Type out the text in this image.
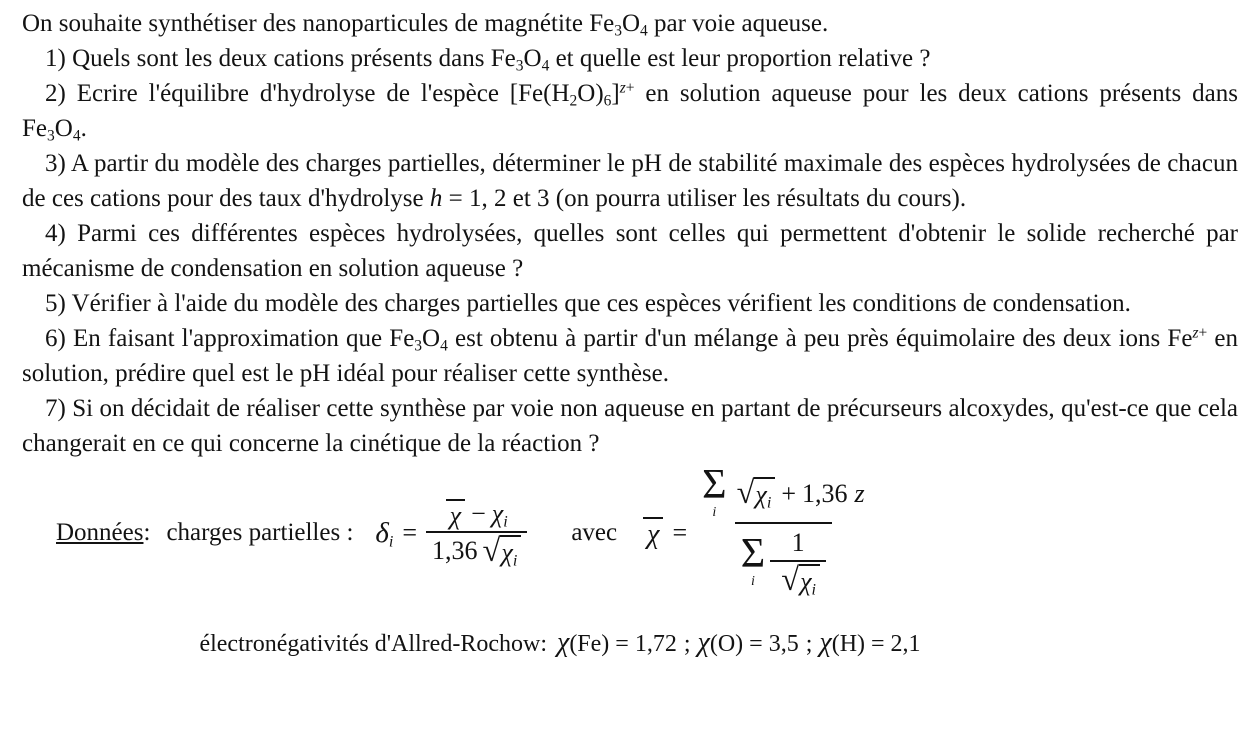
On souhaite synthétiser des nanoparticules de magnétite $Fe_3O_4$ par voie aqueuse.

1) Quels sont les deux cations présents dans $Fe_3O_4$ et quelle est leur proportion relative ?

2) Ecrire l'équilibre d'hydrolyse de l'espèce $[Fe(H_2O)_6]^{z+}$ en solution aqueuse pour les deux cations présents dans $Fe_3O_4$.

3) A partir du modèle des charges partielles, déterminer le pH de stabilité maximale des espèces hydrolysées de chacun de ces cations pour des taux d'hydrolyse h = 1, 2 et 3 (on pourra utiliser les résultats du cours).

4) Parmi ces différentes espèces hydrolysées, quelles sont celles qui permettent d'obtenir le solide recherché par mécanisme de condensation en solution aqueuse ?

5) Vérifier à l'aide du modèle des charges partielles que ces espèces vérifient les conditions de condensation.

6) En faisant l'approximation que $Fe_3O_4$ est obtenu à partir d'un mélange à peu près équimolaire des deux ions $Fe^{z+}$ en solution, prédire quel est le pH idéal pour réaliser cette synthèse.

7) Si on décidait de réaliser cette synthèse par voie non aqueuse en partant de précurseurs alcoxydes, qu'est-ce que cela changerait en ce qui concerne la cinétique de la réaction ?

Données: charges partielles : $\delta_i = \frac{\chi - \chi_i}{1,36 √ \chi_i}$ avec χ =
Σ
i
√ $\chi_i + 1,36$ z
Σ
i $\frac{1}{√ \chi_i}$

électronégativités d'Allred-Rochow: χ(Fe) = 1,72 ; χ(O) = 3,5 ; χ(H) = 2,1
